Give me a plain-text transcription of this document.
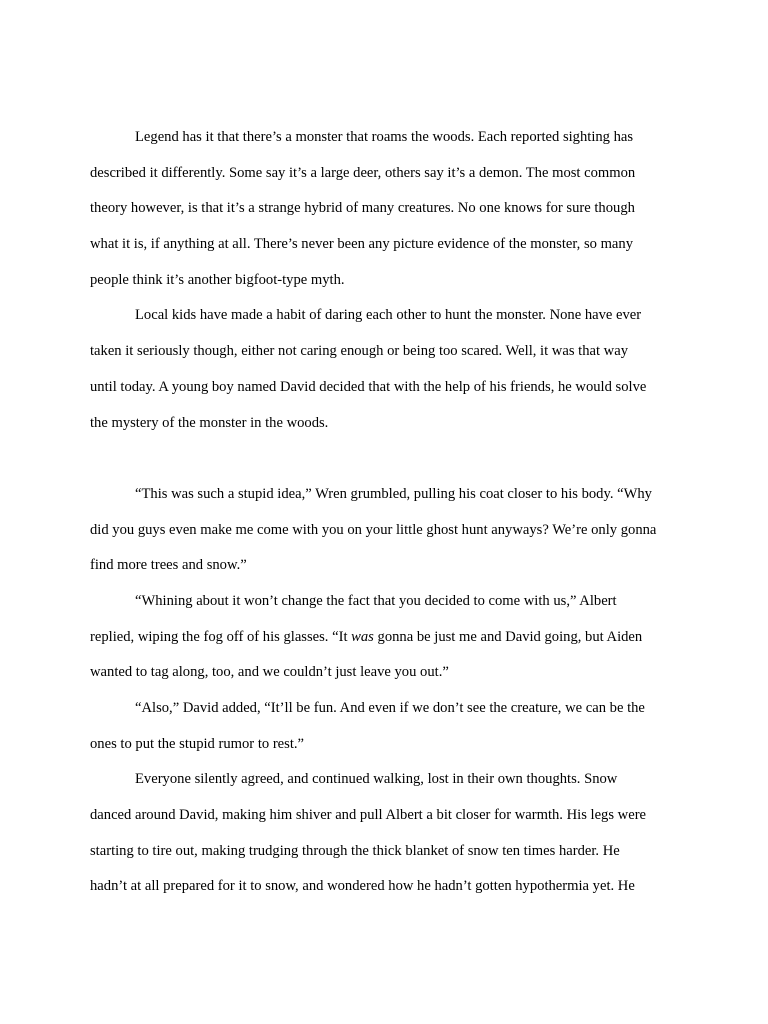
Legend has it that there’s a monster that roams the woods. Each reported sighting has
described it differently. Some say it’s a large deer, others say it’s a demon. The most common
theory however, is that it’s a strange hybrid of many creatures. No one knows for sure though
what it is, if anything at all. There’s never been any picture evidence of the monster, so many
people think it’s another bigfoot-type myth.
Local kids have made a habit of daring each other to hunt the monster. None have ever
taken it seriously though, either not caring enough or being too scared. Well, it was that way
until today. A young boy named David decided that with the help of his friends, he would solve
the mystery of the monster in the woods.
“This was such a stupid idea,” Wren grumbled, pulling his coat closer to his body. “Why
did you guys even make me come with you on your little ghost hunt anyways? We’re only gonna
find more trees and snow.”
“Whining about it won’t change the fact that you decided to come with us,” Albert
replied, wiping the fog off of his glasses. “It was gonna be just me and David going, but Aiden
wanted to tag along, too, and we couldn’t just leave you out.”
“Also,” David added, “It’ll be fun. And even if we don’t see the creature, we can be the
ones to put the stupid rumor to rest.”
Everyone silently agreed, and continued walking, lost in their own thoughts. Snow
danced around David, making him shiver and pull Albert a bit closer for warmth. His legs were
starting to tire out, making trudging through the thick blanket of snow ten times harder. He
hadn’t at all prepared for it to snow, and wondered how he hadn’t gotten hypothermia yet. He
